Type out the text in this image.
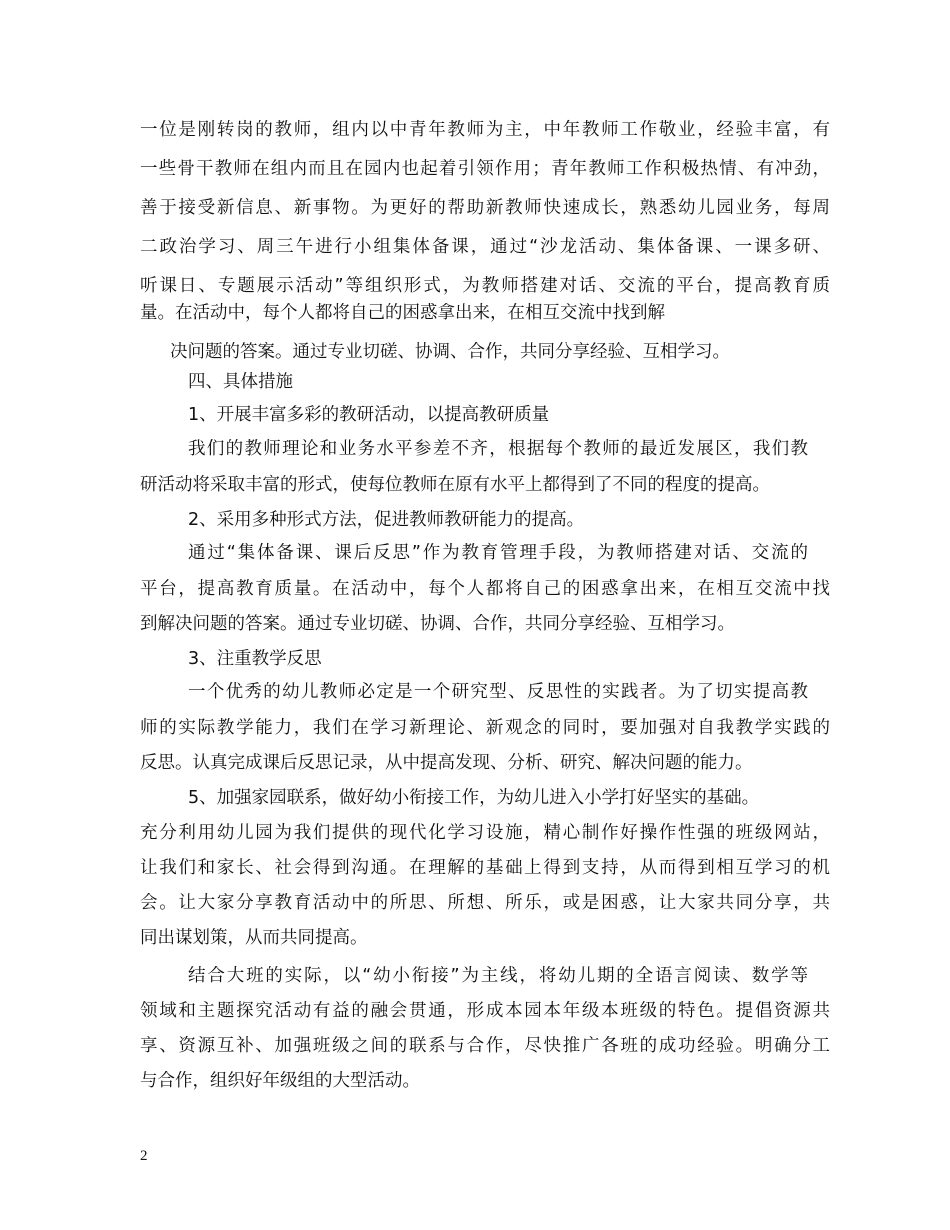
一位是刚转岗的教师，组内以中青年教师为主，中年教师工作敬业，经验丰富，有
一些骨干教师在组内而且在园内也起着引领作用；青年教师工作积极热情、有冲劲，
善于接受新信息、新事物。为更好的帮助新教师快速成长，熟悉幼儿园业务，每周
二政治学习、周三午进行小组集体备课，通过“沙龙活动、集体备课、一课多研、
听课日、专题展示活动”等组织形式，为教师搭建对话、交流的平台，提高教育质
量。在活动中，每个人都将自己的困惑拿出来，在相互交流中找到解
决问题的答案。通过专业切磋、协调、合作，共同分享经验、互相学习。
四、具体措施
1、开展丰富多彩的教研活动，以提高教研质量
我们的教师理论和业务水平参差不齐，根据每个教师的最近发展区，我们教
研活动将采取丰富的形式，使每位教师在原有水平上都得到了不同的程度的提高。
2、采用多种形式方法，促进教师教研能力的提高。
通过“集体备课、课后反思”作为教育管理手段，为教师搭建对话、交流的
平台，提高教育质量。在活动中，每个人都将自己的困惑拿出来，在相互交流中找
到解决问题的答案。通过专业切磋、协调、合作，共同分享经验、互相学习。
3、注重教学反思
一个优秀的幼儿教师必定是一个研究型、反思性的实践者。为了切实提高教
师的实际教学能力，我们在学习新理论、新观念的同时，要加强对自我教学实践的
反思。认真完成课后反思记录，从中提高发现、分析、研究、解决问题的能力。
5、加强家园联系，做好幼小衔接工作，为幼儿进入小学打好坚实的基础。
充分利用幼儿园为我们提供的现代化学习设施，精心制作好操作性强的班级网站，
让我们和家长、社会得到沟通。在理解的基础上得到支持，从而得到相互学习的机
会。让大家分享教育活动中的所思、所想、所乐，或是困惑，让大家共同分享，共
同出谋划策，从而共同提高。
结合大班的实际，以“幼小衔接”为主线，将幼儿期的全语言阅读、数学等
领域和主题探究活动有益的融会贯通，形成本园本年级本班级的特色。提倡资源共
享、资源互补、加强班级之间的联系与合作，尽快推广各班的成功经验。明确分工
与合作，组织好年级组的大型活动。
2
